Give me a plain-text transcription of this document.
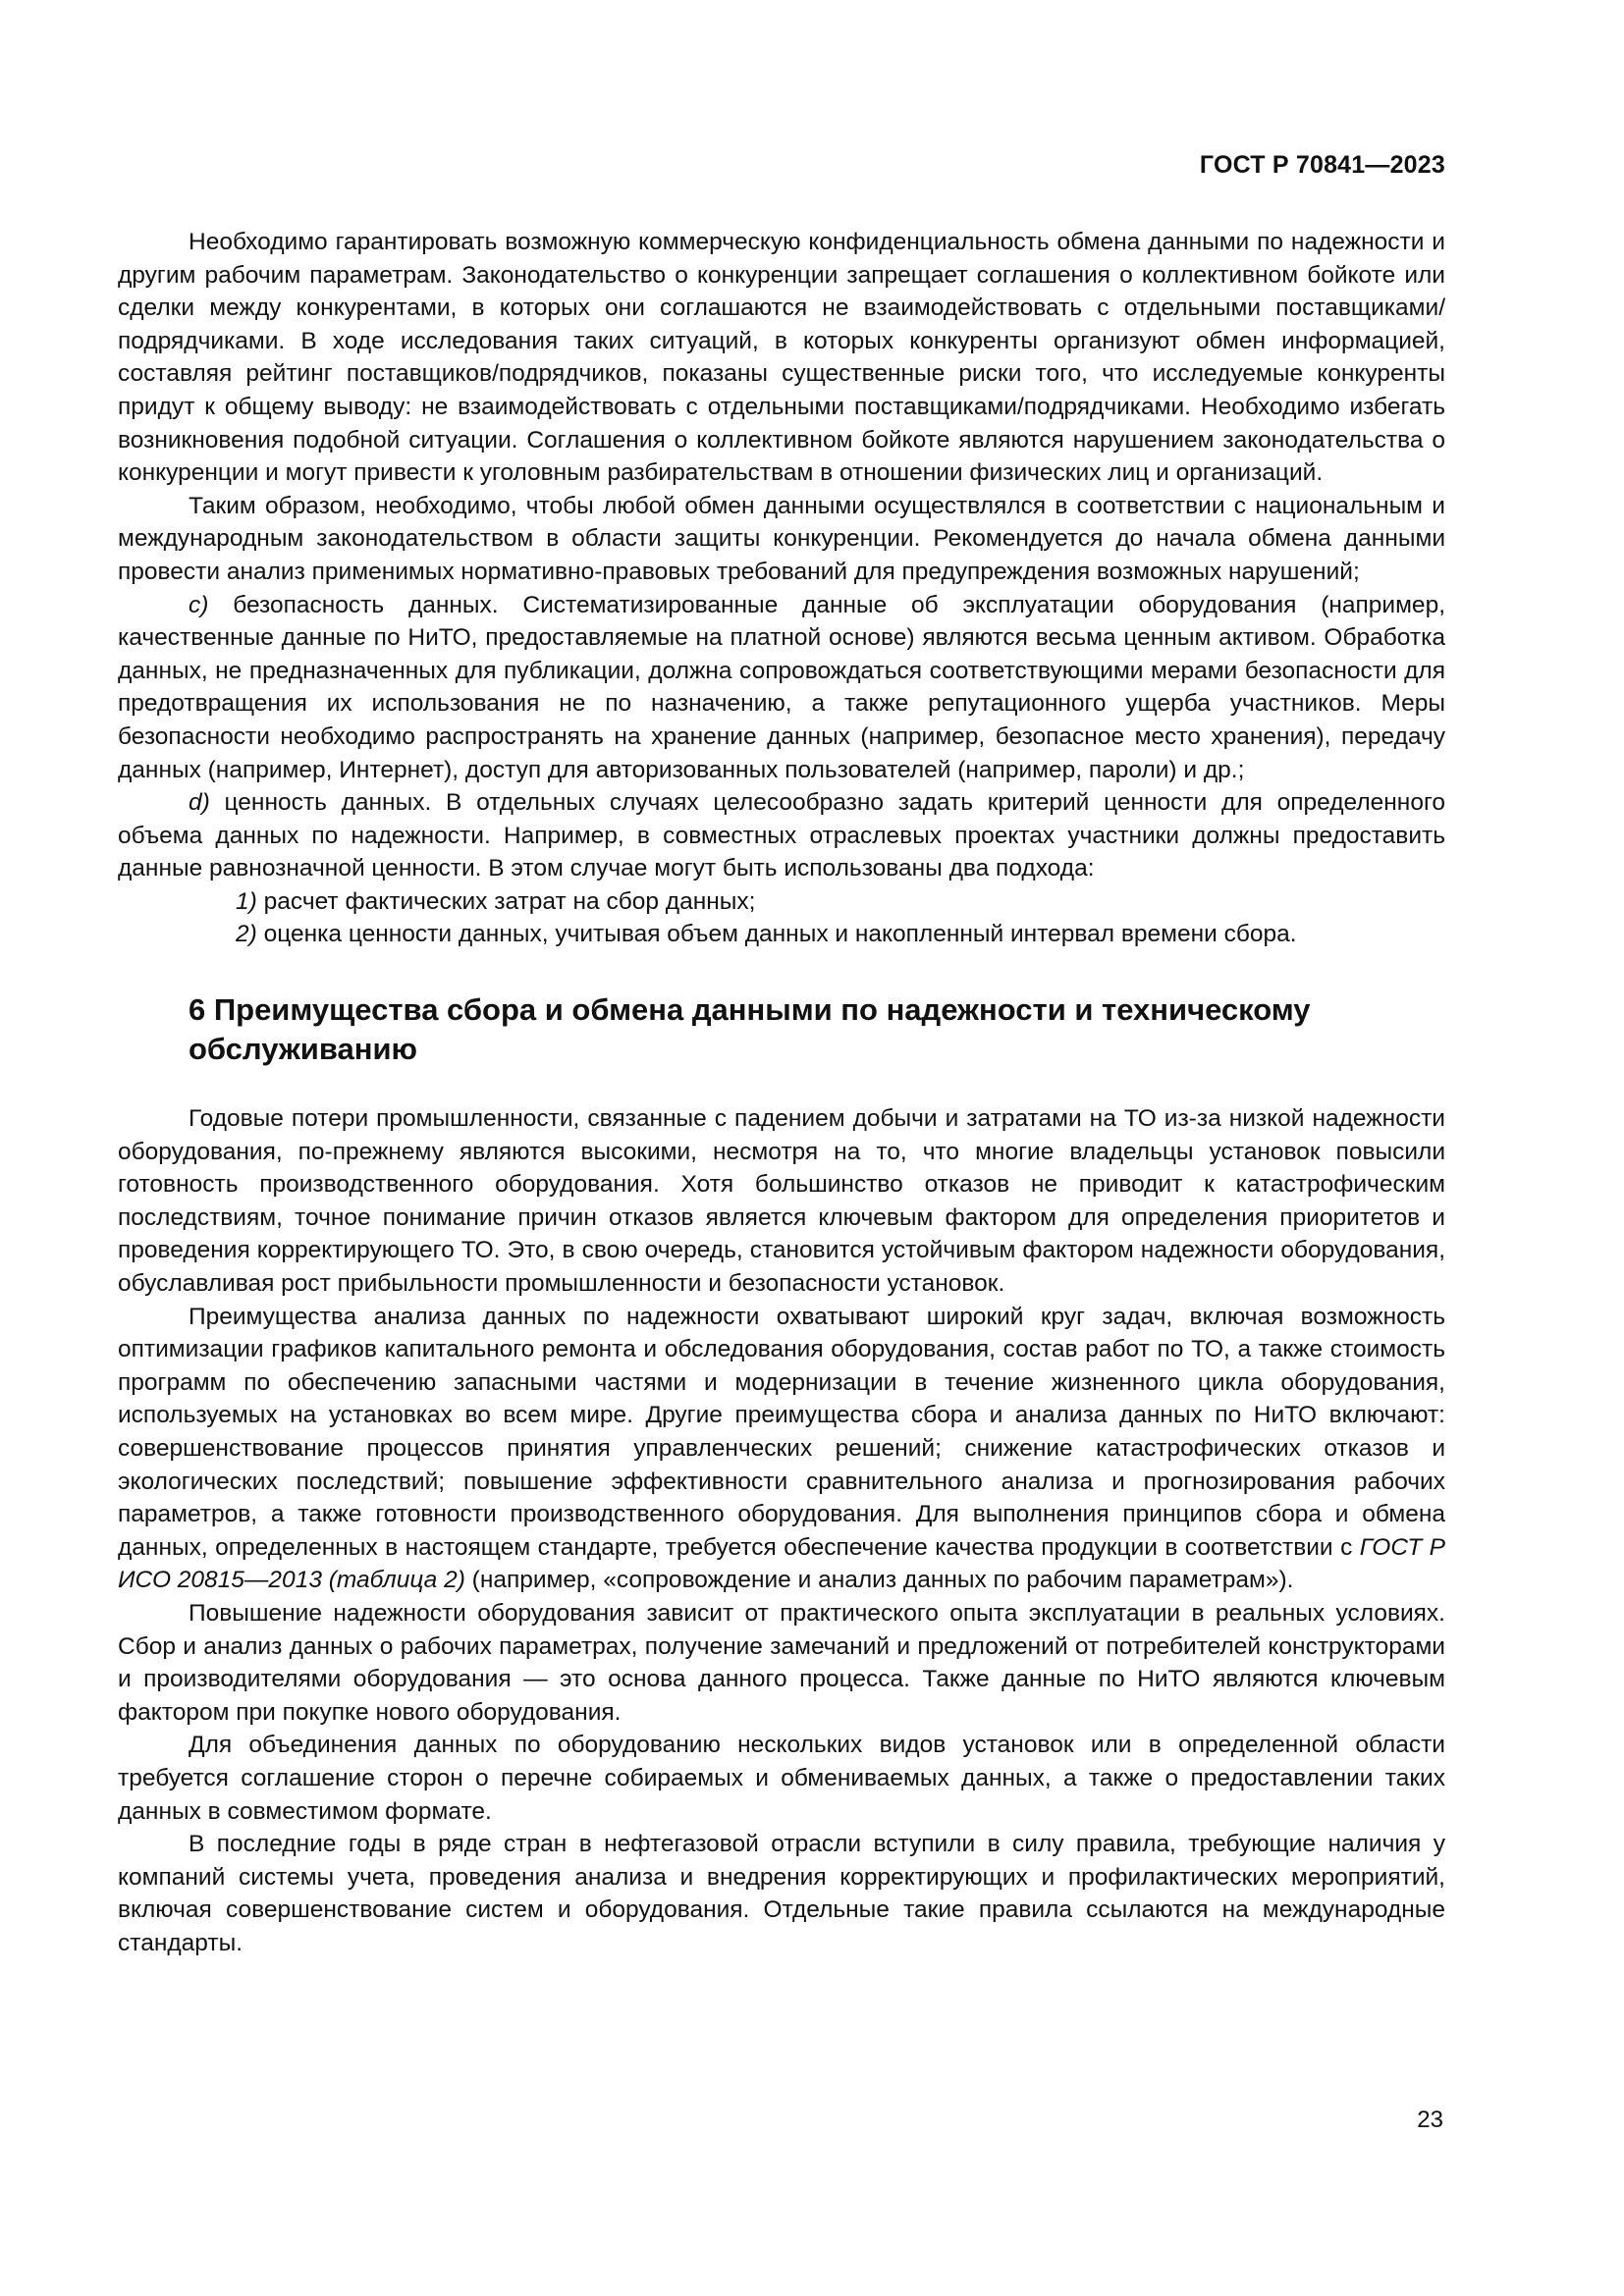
ГОСТ Р 70841—2023

Необходимо гарантировать возможную коммерческую конфиденциальность обмена данными по надежности и другим рабочим параметрам. Законодательство о конкуренции запрещает соглашения о коллективном бойкоте или сделки между конкурентами, в которых они соглашаются не взаимодействовать с отдельными поставщиками/подрядчиками. В ходе исследования таких ситуаций, в которых конкуренты организуют обмен информацией, составляя рейтинг поставщиков/подрядчиков, показаны существенные риски того, что исследуемые конкуренты придут к общему выводу: не взаимодействовать с отдельными поставщиками/подрядчиками. Необходимо избегать возникновения подобной ситуации. Соглашения о коллективном бойкоте являются нарушением законодательства о конкуренции и могут привести к уголовным разбирательствам в отношении физических лиц и организаций.

Таким образом, необходимо, чтобы любой обмен данными осуществлялся в соответствии с национальным и международным законодательством в области защиты конкуренции. Рекомендуется до начала обмена данными провести анализ применимых нормативно-правовых требований для предупреждения возможных нарушений;

c) безопасность данных. Систематизированные данные об эксплуатации оборудования (например, качественные данные по НиТО, предоставляемые на платной основе) являются весьма ценным активом. Обработка данных, не предназначенных для публикации, должна сопровождаться соответствующими мерами безопасности для предотвращения их использования не по назначению, а также репутационного ущерба участников. Меры безопасности необходимо распространять на хранение данных (например, безопасное место хранения), передачу данных (например, Интернет), доступ для авторизованных пользователей (например, пароли) и др.;

d) ценность данных. В отдельных случаях целесообразно задать критерий ценности для определенного объема данных по надежности. Например, в совместных отраслевых проектах участники должны предоставить данные равнозначной ценности. В этом случае могут быть использованы два подхода:

1) расчет фактических затрат на сбор данных;

2) оценка ценности данных, учитывая объем данных и накопленный интервал времени сбора.

6 Преимущества сбора и обмена данными по надежности и техническому
обслуживанию

Годовые потери промышленности, связанные с падением добычи и затратами на ТО из-за низкой надежности оборудования, по-прежнему являются высокими, несмотря на то, что многие владельцы установок повысили готовность производственного оборудования. Хотя большинство отказов не приводит к катастрофическим последствиям, точное понимание причин отказов является ключевым фактором для определения приоритетов и проведения корректирующего ТО. Это, в свою очередь, становится устойчивым фактором надежности оборудования, обуславливая рост прибыльности промышленности и безопасности установок.

Преимущества анализа данных по надежности охватывают широкий круг задач, включая возможность оптимизации графиков капитального ремонта и обследования оборудования, состав работ по ТО, а также стоимость программ по обеспечению запасными частями и модернизации в течение жизненного цикла оборудования, используемых на установках во всем мире. Другие преимущества сбора и анализа данных по НиТО включают: совершенствование процессов принятия управленческих решений; снижение катастрофических отказов и экологических последствий; повышение эффективности сравнительного анализа и прогнозирования рабочих параметров, а также готовности производственного оборудования. Для выполнения принципов сбора и обмена данных, определенных в настоящем стандарте, требуется обеспечение качества продукции в соответствии с ГОСТ Р ИСО 20815—2013 (таблица 2) (например, «сопровождение и анализ данных по рабочим параметрам»).

Повышение надежности оборудования зависит от практического опыта эксплуатации в реальных условиях. Сбор и анализ данных о рабочих параметрах, получение замечаний и предложений от потребителей конструкторами и производителями оборудования — это основа данного процесса. Также данные по НиТО являются ключевым фактором при покупке нового оборудования.

Для объединения данных по оборудованию нескольких видов установок или в определенной области требуется соглашение сторон о перечне собираемых и обмениваемых данных, а также о предоставлении таких данных в совместимом формате.

В последние годы в ряде стран в нефтегазовой отрасли вступили в силу правила, требующие наличия у компаний системы учета, проведения анализа и внедрения корректирующих и профилактических мероприятий, включая совершенствование систем и оборудования. Отдельные такие правила ссылаются на международные стандарты.

23
